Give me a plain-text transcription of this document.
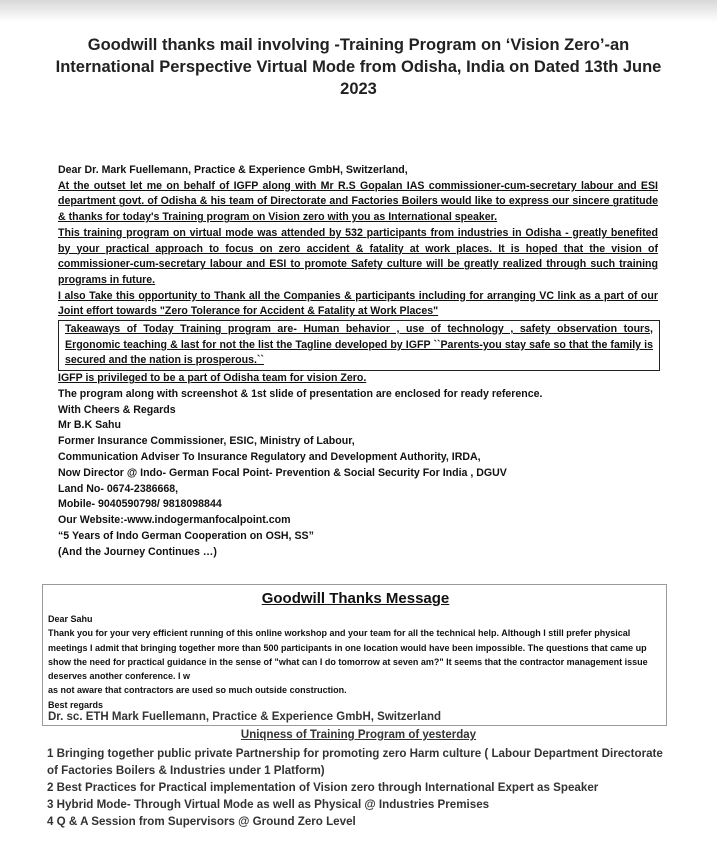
Goodwill thanks mail involving -Training Program on ‘Vision Zero’-an International Perspective Virtual Mode from Odisha, India on Dated 13th June 2023
Dear Dr. Mark Fuellemann, Practice & Experience GmbH, Switzerland,
At the outset let me on behalf of IGFP along with Mr R.S Gopalan IAS commissioner-cum-secretary labour and ESI department govt. of Odisha & his team of Directorate and Factories Boilers would like to express our sincere gratitude & thanks for today's Training program on Vision zero with you as International speaker.
This training program on virtual mode was attended by 532 participants from industries in Odisha - greatly benefited by your practical approach to focus on zero accident & fatality at work places. It is hoped that the vision of commissioner-cum-secretary labour and ESI to promote Safety culture will be greatly realized through such training programs in future.
I also Take this opportunity to Thank all the Companies & participants including for arranging VC link as a part of our Joint effort towards "Zero Tolerance for Accident & Fatality at Work Places"
Takeaways of Today Training program are- Human behavior , use of technology , safety observation tours, Ergonomic teaching & last for not the list the Tagline developed by IGFP ``Parents-you stay safe so that the family is secured and the nation is prosperous.``
IGFP is privileged to be a part of Odisha team for vision Zero.
The program along with screenshot & 1st slide of presentation are enclosed for ready reference.
With Cheers & Regards
Mr B.K Sahu
Former Insurance Commissioner, ESIC, Ministry of Labour,
Communication Adviser To Insurance Regulatory and Development Authority, IRDA,
Now Director @ Indo- German Focal Point- Prevention & Social Security For India , DGUV
Land No- 0674-2386668,
Mobile- 9040590798/ 9818098844
Our Website:-www.indogermanfocalpoint.com
“5 Years of Indo German Cooperation on OSH, SS”
(And the Journey Continues …)
Goodwill Thanks Message
Dear Sahu
Thank you for your very efficient running of this online workshop and your team for all the technical help. Although I still prefer physical meetings I admit that bringing together more than 500 participants in one location would have been impossible. The questions that came up show the need for practical guidance in the sense of "what can I do tomorrow at seven am?" It seems that the contractor management issue deserves another conference. I w
as not aware that contractors are used so much outside construction.
Best regards
Dr. sc. ETH Mark Fuellemann, Practice & Experience GmbH, Switzerland
Uniqness of Training Program of yesterday
1 Bringing together public private Partnership for promoting zero Harm culture ( Labour Department Directorate of Factories Boilers & Industries under 1 Platform)
2 Best Practices for Practical implementation of Vision zero through International Expert as Speaker
3 Hybrid Mode- Through Virtual Mode as well as Physical @ Industries Premises
4 Q & A Session from Supervisors @ Ground Zero Level
